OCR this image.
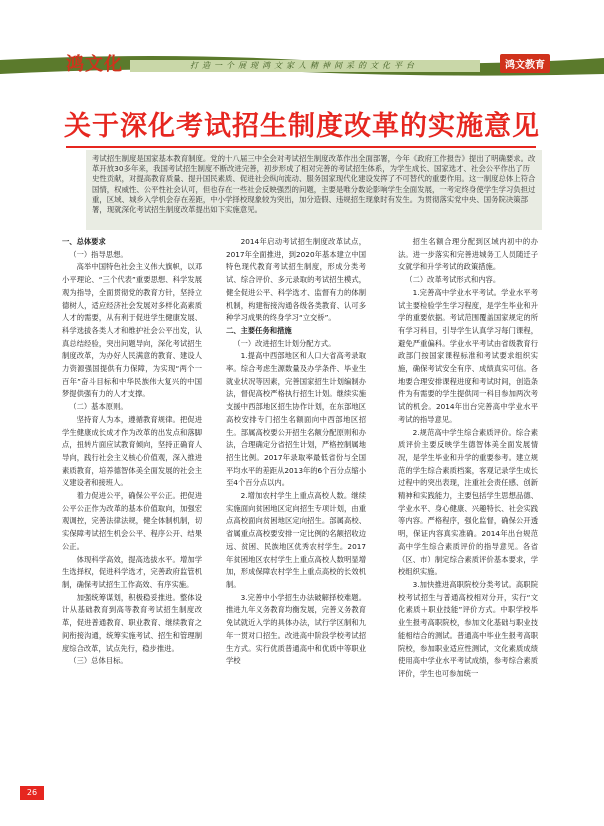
鸿文化	打造一个展现鸿文家人精神间采的文化平台	鸿文教育
关于深化考试招生制度改革的实施意见
考试招生制度是国家基本教育制度。党的十八届三中全会对考试招生制度改革作出全面部署，今年《政府工作报告》提出了明确要求。改革开放30多年来，我国考试招生制度不断改进完善，初步形成了相对完善的考试招生体系，为学生成长、国家选才、社会公平作出了历史性贡献，对提高教育质量、提升国民素质、促进社会纵向流动、服务国家现代化建设发挥了不可替代的重要作用。这一制度总体上符合国情，权威性、公平性社会认可，但也存在一些社会反映强烈的问题，主要是唯分数论影响学生全面发展，一考定终身使学生学习负担过重，区域、城乡入学机会存在差距，中小学择校现象较为突出，加分造假、违规招生现象时有发生。为贯彻落实党中央、国务院决策部署，现就深化考试招生制度改革提出如下实施意见。

一、总体要求

（一）指导思想。

高举中国特色社会主义伟大旗帜，以邓小平理论、“三个代表”重要思想、科学发展观为指导，全面贯彻党的教育方针，坚持立德树人，适应经济社会发展对多样化高素质人才的需要，从有利于促进学生健康发展、科学选拔各类人才和维护社会公平出发，认真总结经验，突出问题导向，深化考试招生制度改革，为办好人民满意的教育、建设人力资源强国提供有力保障，为实现“两个一百年”奋斗目标和中华民族伟大复兴的中国梦提供强有力的人才支撑。

（二）基本原则。

坚持育人为本，遵循教育规律。把促进学生健康成长成才作为改革的出发点和落脚点，扭转片面应试教育倾向，坚持正确育人导向，践行社会主义核心价值观，深入推进素质教育，培养德智体美全面发展的社会主义建设者和接班人。

着力促进公平，确保公平公正。把促进公平公正作为改革的基本价值取向，加强宏观调控，完善法律法规，健全体制机制，切实保障考试招生机会公平、程序公开、结果公正。

体现科学高效，提高选拔水平。增加学生选择权，促进科学选才，完善政府监管机制，确保考试招生工作高效、有序实施。

加强统筹谋划，积极稳妥推进。整体设计从基础教育到高等教育考试招生制度改革，促进普通教育、职业教育、继续教育之间衔接沟通，统筹实施考试、招生和管理制度综合改革，试点先行，稳步推进。

（三）总体目标。

2014年启动考试招生制度改革试点，2017年全面推进，到2020年基本建立中国特色现代教育考试招生制度，形成分类考试、综合评价、多元录取的考试招生模式，健全促进公平、科学选才、监督有力的体制机制，构建衔接沟通各级各类教育、认可多种学习成果的终身学习“立交桥”。

二、主要任务和措施

（一）改进招生计划分配方式。

1.提高中西部地区和人口大省高考录取率。综合考虑生源数量及办学条件、毕业生就业状况等因素，完善国家招生计划编制办法，督促高校严格执行招生计划。继续实施支援中西部地区招生协作计划，在东部地区高校安排专门招生名额面向中西部地区招生。部属高校要公开招生名额分配原则和办法，合理确定分省招生计划，严格控制属地招生比例。2017年录取率最低省份与全国平均水平的差距从2013年的6个百分点缩小至4个百分点以内。

2.增加农村学生上重点高校人数。继续实施面向贫困地区定向招生专项计划，由重点高校面向贫困地区定向招生。部属高校、省属重点高校要安排一定比例的名额招收边远、贫困、民族地区优秀农村学生。2017年贫困地区农村学生上重点高校人数明显增加，形成保障农村学生上重点高校的长效机制。

3.完善中小学招生办法破解择校难题。推进九年义务教育均衡发展，完善义务教育免试就近入学的具体办法，试行学区制和九年一贯对口招生。改进高中阶段学校考试招生方式。实行优质普通高中和优质中等职业学校

招生名额合理分配到区域内初中的办法。进一步落实和完善进城务工人员随迁子女就学和升学考试的政策措施。

（二）改革考试形式和内容。

1.完善高中学业水平考试。学业水平考试主要检验学生学习程度，是学生毕业和升学的重要依据。考试范围覆盖国家规定的所有学习科目，引导学生认真学习每门课程，避免严重偏科。学业水平考试由省级教育行政部门按国家课程标准和考试要求组织实施，确保考试安全有序、成绩真实可信。各地要合理安排课程进度和考试时间，创造条件为有需要的学生提供同一科目参加两次考试的机会。2014年出台完善高中学业水平考试的指导意见。

2.规范高中学生综合素质评价。综合素质评价主要反映学生德智体美全面发展情况，是学生毕业和升学的重要参考。建立规范的学生综合素质档案，客观记录学生成长过程中的突出表现，注重社会责任感、创新精神和实践能力，主要包括学生思想品德、学业水平、身心健康、兴趣特长、社会实践等内容。严格程序，强化监督，确保公开透明，保证内容真实准确。2014年出台规范高中学生综合素质评价的指导意见。各省（区、市）制定综合素质评价基本要求，学校组织实施。

3.加快推进高职院校分类考试。高职院校考试招生与普通高校相对分开，实行“文化素质＋职业技能”评价方式。中职学校毕业生报考高职院校，参加文化基础与职业技能相结合的测试。普通高中毕业生报考高职院校，参加职业适应性测试，文化素质成绩使用高中学业水平考试成绩，参考综合素质评价，学生也可参加统一

26
